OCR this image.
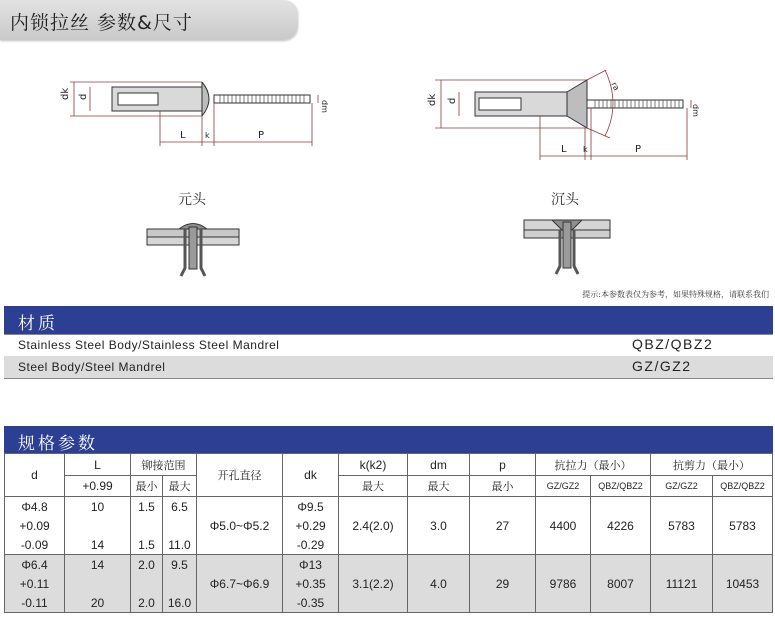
内锁拉丝 参数&尺寸
dk d
dm
L k	P
dk d
dm
L k	P
ra
元头	沉头
提示:本参数表仅为参考，如果特殊规格，请联系我们
材质
Stainless Steel Body/Stainless Steel Mandrel	QBZ/QBZ2
Steel Body/Steel Mandrel	GZ/GZ2
规格参数
d	L	铆接范围		开孔直径	dk	k(k2)	dm	p	抗拉力（最小）		抗剪力（最小）	
	+0.99	最小	最大			最大	最大	最小	GZ/GZ2	QBZ/QBZ2	GZ/GZ2	QBZ/QBZ2
Φ4.8	10	1.5	6.5	Φ5.0~Φ5.2	Φ9.5	2.4(2.0)	3.0	27	4400	4226	5783	5783
+0.09					+0.29							
-0.09	14	1.5	11.0		-0.29							
Φ6.4	14	2.0	9.5	Φ6.7~Φ6.9	Φ13	3.1(2.2)	4.0	29	9786	8007	11121	10453
+0.11					+0.35							
-0.11	20	2.0	16.0		-0.35							
